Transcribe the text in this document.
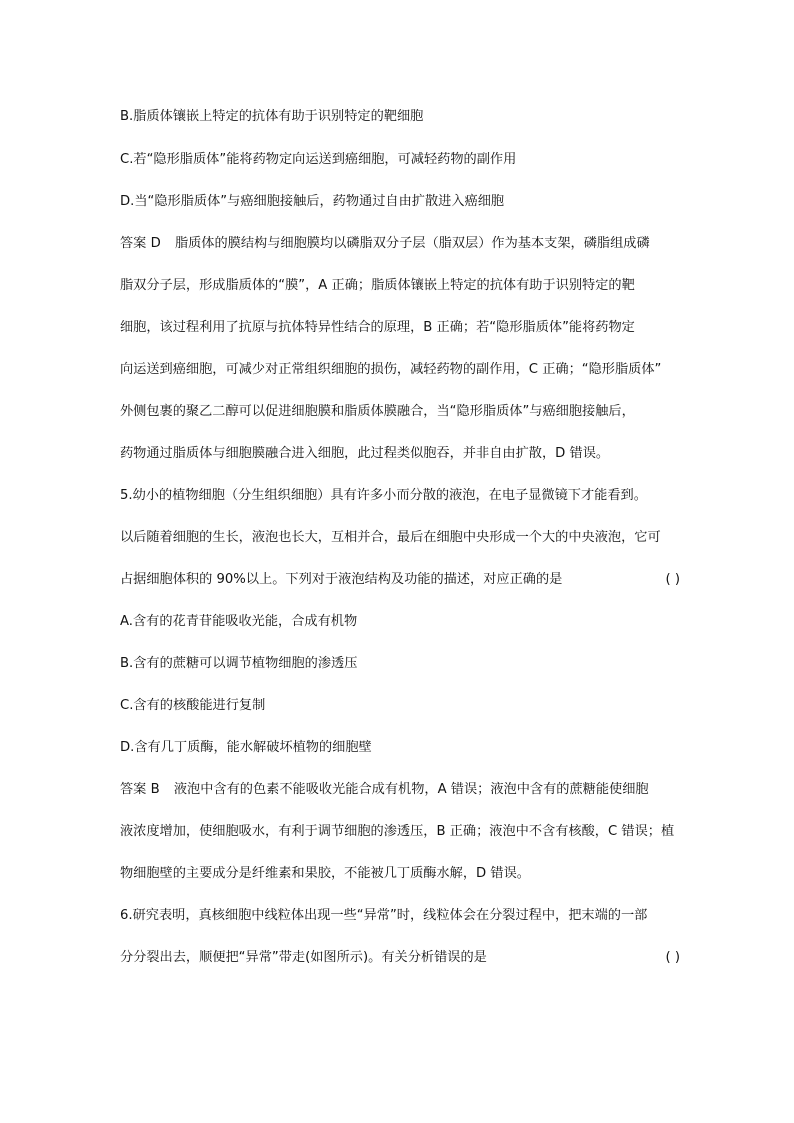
B.脂质体镶嵌上特定的抗体有助于识别特定的靶细胞
C.若“隐形脂质体”能将药物定向运送到癌细胞，可减轻药物的副作用
D.当“隐形脂质体”与癌细胞接触后，药物通过自由扩散进入癌细胞
答案 D 脂质体的膜结构与细胞膜均以磷脂双分子层（脂双层）作为基本支架，磷脂组成磷
脂双分子层，形成脂质体的“膜”，A 正确；脂质体镶嵌上特定的抗体有助于识别特定的靶
细胞，该过程利用了抗原与抗体特异性结合的原理，B 正确；若“隐形脂质体”能将药物定
向运送到癌细胞，可减少对正常组织细胞的损伤，减轻药物的副作用，C 正确；“隐形脂质体”
外侧包裹的聚乙二醇可以促进细胞膜和脂质体膜融合，当“隐形脂质体”与癌细胞接触后，
药物通过脂质体与细胞膜融合进入细胞，此过程类似胞吞，并非自由扩散，D 错误。
5.幼小的植物细胞（分生组织细胞）具有许多小而分散的液泡，在电子显微镜下才能看到。
以后随着细胞的生长，液泡也长大，互相并合，最后在细胞中央形成一个大的中央液泡，它可
占据细胞体积的 90%以上。下列对于液泡结构及功能的描述，对应正确的是	( )
A.含有的花青苷能吸收光能，合成有机物
B.含有的蔗糖可以调节植物细胞的渗透压
C.含有的核酸能进行复制
D.含有几丁质酶，能水解破坏植物的细胞壁
答案 B 液泡中含有的色素不能吸收光能合成有机物，A 错误；液泡中含有的蔗糖能使细胞
液浓度增加，使细胞吸水，有利于调节细胞的渗透压，B 正确；液泡中不含有核酸，C 错误；植
物细胞壁的主要成分是纤维素和果胶，不能被几丁质酶水解，D 错误。
6.研究表明，真核细胞中线粒体出现一些“异常”时，线粒体会在分裂过程中，把末端的一部
分分裂出去，顺便把“异常”带走(如图所示)。有关分析错误的是	( )
